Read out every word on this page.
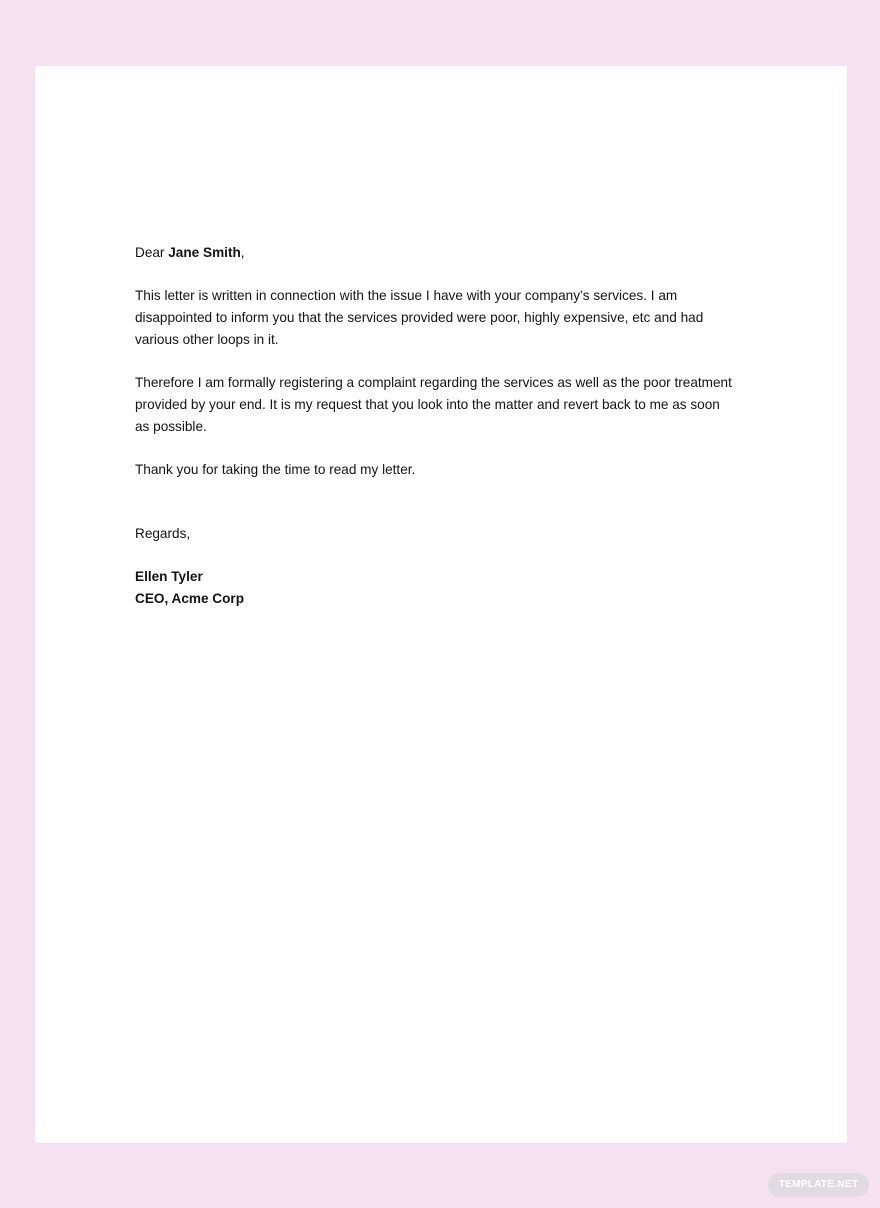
Dear Jane Smith,

This letter is written in connection with the issue I have with your company’s services. I am disappointed to inform you that the services provided were poor, highly expensive, etc and had various other loops in it.

Therefore I am formally registering a complaint regarding the services as well as the poor treatment provided by your end. It is my request that you look into the matter and revert back to me as soon as possible.

Thank you for taking the time to read my letter.

Regards,

Ellen Tyler

CEO, Acme Corp

TEMPLATE.NET
